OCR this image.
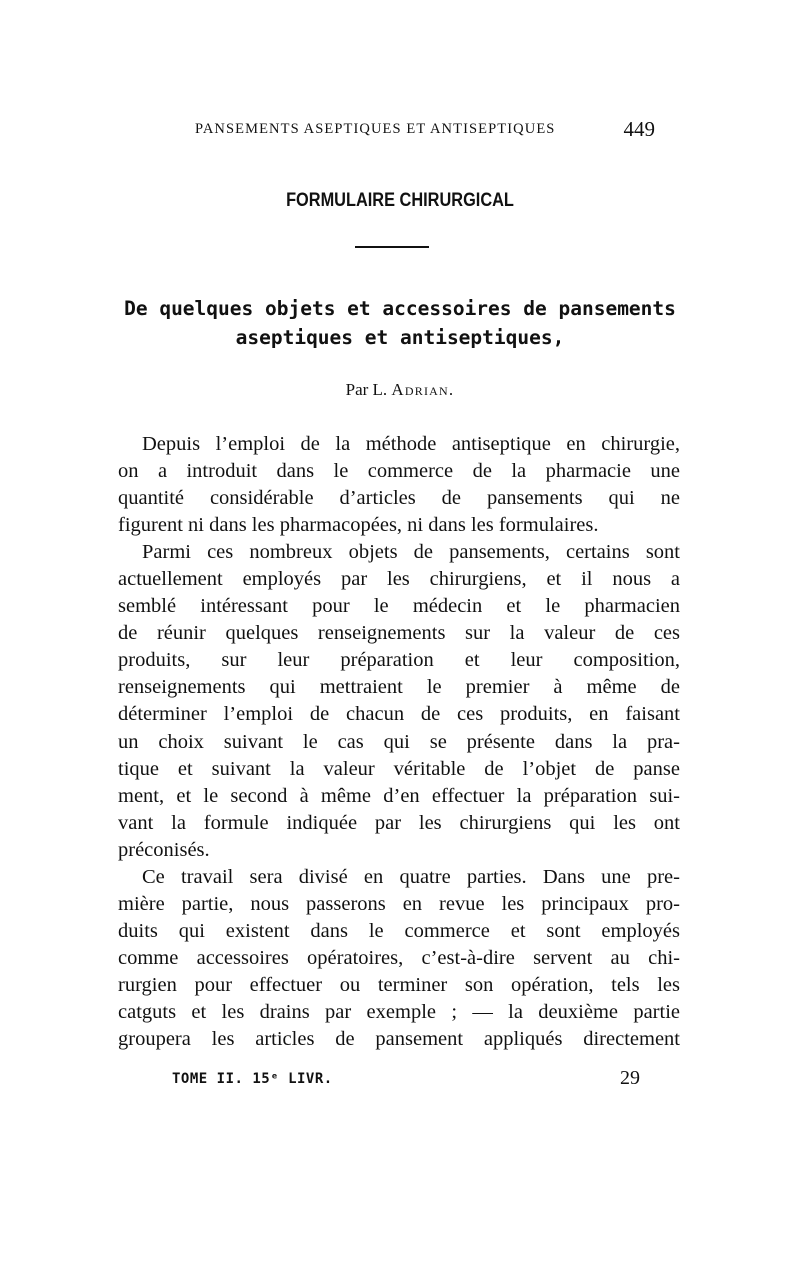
PANSEMENTS ASEPTIQUES ET ANTISEPTIQUES	449
FORMULAIRE CHIRURGICAL
De quelques objets et accessoires de pansements
aseptiques et antiseptiques,
Par L. Adrian.
Depuis l’emploi de la méthode antiseptique en chirurgie,
on a introduit dans le commerce de la pharmacie une
quantité considérable d’articles de pansements qui ne
figurent ni dans les pharmacopées, ni dans les formulaires.
Parmi ces nombreux objets de pansements, certains sont
actuellement employés par les chirurgiens, et il nous a
semblé intéressant pour le médecin et le pharmacien
de réunir quelques renseignements sur la valeur de ces
produits, sur leur préparation et leur composition,
renseignements qui mettraient le premier à même de
déterminer l’emploi de chacun de ces produits, en faisant
un choix suivant le cas qui se présente dans la pra-
tique et suivant la valeur véritable de l’objet de panse
ment, et le second à même d’en effectuer la préparation sui-
vant la formule indiquée par les chirurgiens qui les ont
préconisés.
Ce travail sera divisé en quatre parties. Dans une pre-
mière partie, nous passerons en revue les principaux pro-
duits qui existent dans le commerce et sont employés
comme accessoires opératoires, c’est-à-dire servent au chi-
rurgien pour effectuer ou terminer son opération, tels les
catguts et les drains par exemple ; — la deuxième partie
groupera les articles de pansement appliqués directement
TOME II. 15ᵉ LIVR.	29
